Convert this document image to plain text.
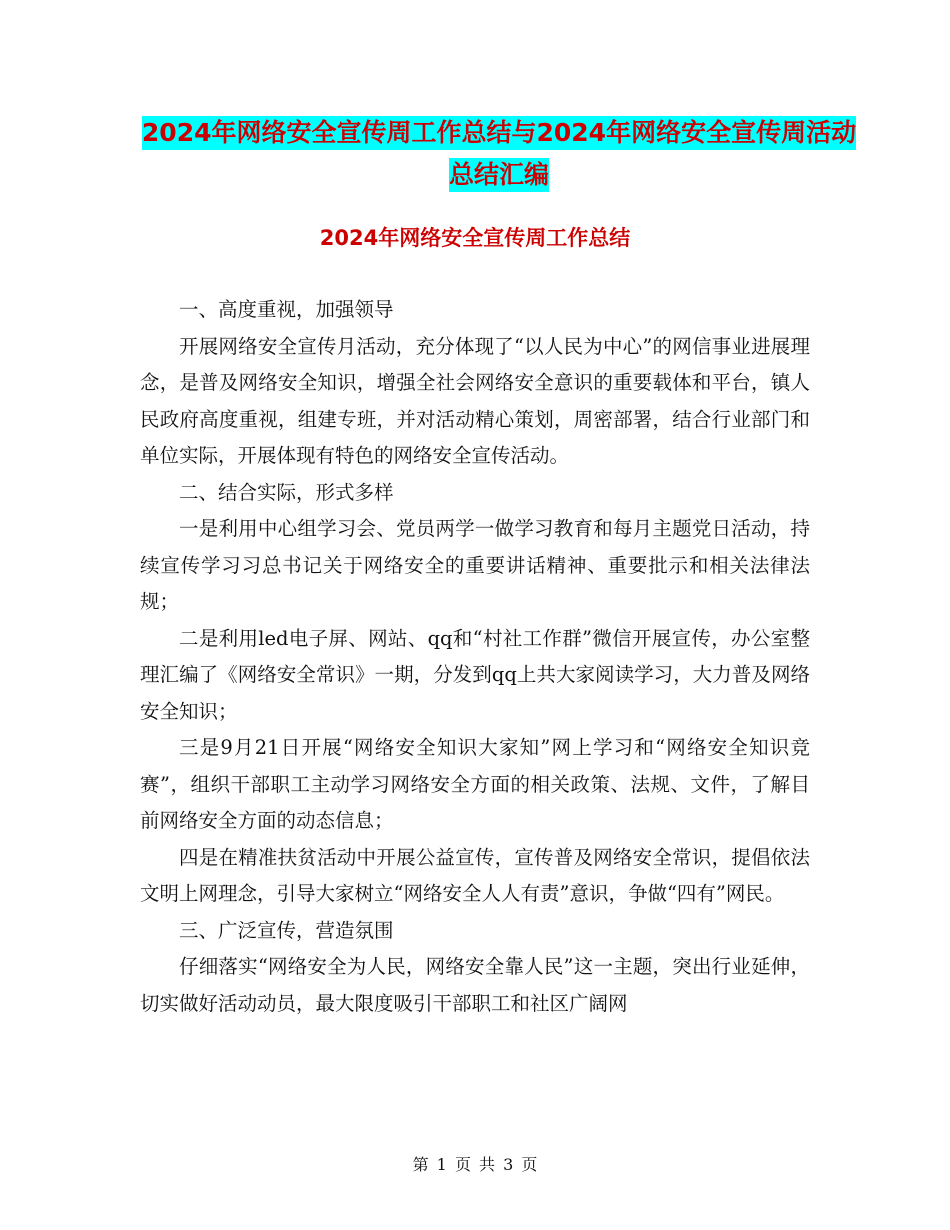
2024年网络安全宣传周工作总结与2024年网络安全宣传周活动总结汇编
2024年网络安全宣传周工作总结

一、高度重视，加强领导

开展网络安全宣传月活动，充分体现了“以人民为中心”的网信事业进展理念，是普及网络安全知识，增强全社会网络安全意识的重要载体和平台，镇人民政府高度重视，组建专班，并对活动精心策划，周密部署，结合行业部门和单位实际，开展体现有特色的网络安全宣传活动。

二、结合实际，形式多样

一是利用中心组学习会、党员两学一做学习教育和每月主题党日活动，持续宣传学习习总书记关于网络安全的重要讲话精神、重要批示和相关法律法规；

二是利用led电子屏、网站、qq和“村社工作群”微信开展宣传，办公室整理汇编了《网络安全常识》一期，分发到qq上共大家阅读学习，大力普及网络安全知识；

三是9月21日开展“网络安全知识大家知”网上学习和“网络安全知识竞赛”，组织干部职工主动学习网络安全方面的相关政策、法规、文件，了解目前网络安全方面的动态信息；

四是在精准扶贫活动中开展公益宣传，宣传普及网络安全常识，提倡依法文明上网理念，引导大家树立“网络安全人人有责”意识，争做“四有”网民。

三、广泛宣传，营造氛围

仔细落实“网络安全为人民，网络安全靠人民”这一主题，突出行业延伸，切实做好活动动员，最大限度吸引干部职工和社区广阔网

第 1 页 共 3 页
